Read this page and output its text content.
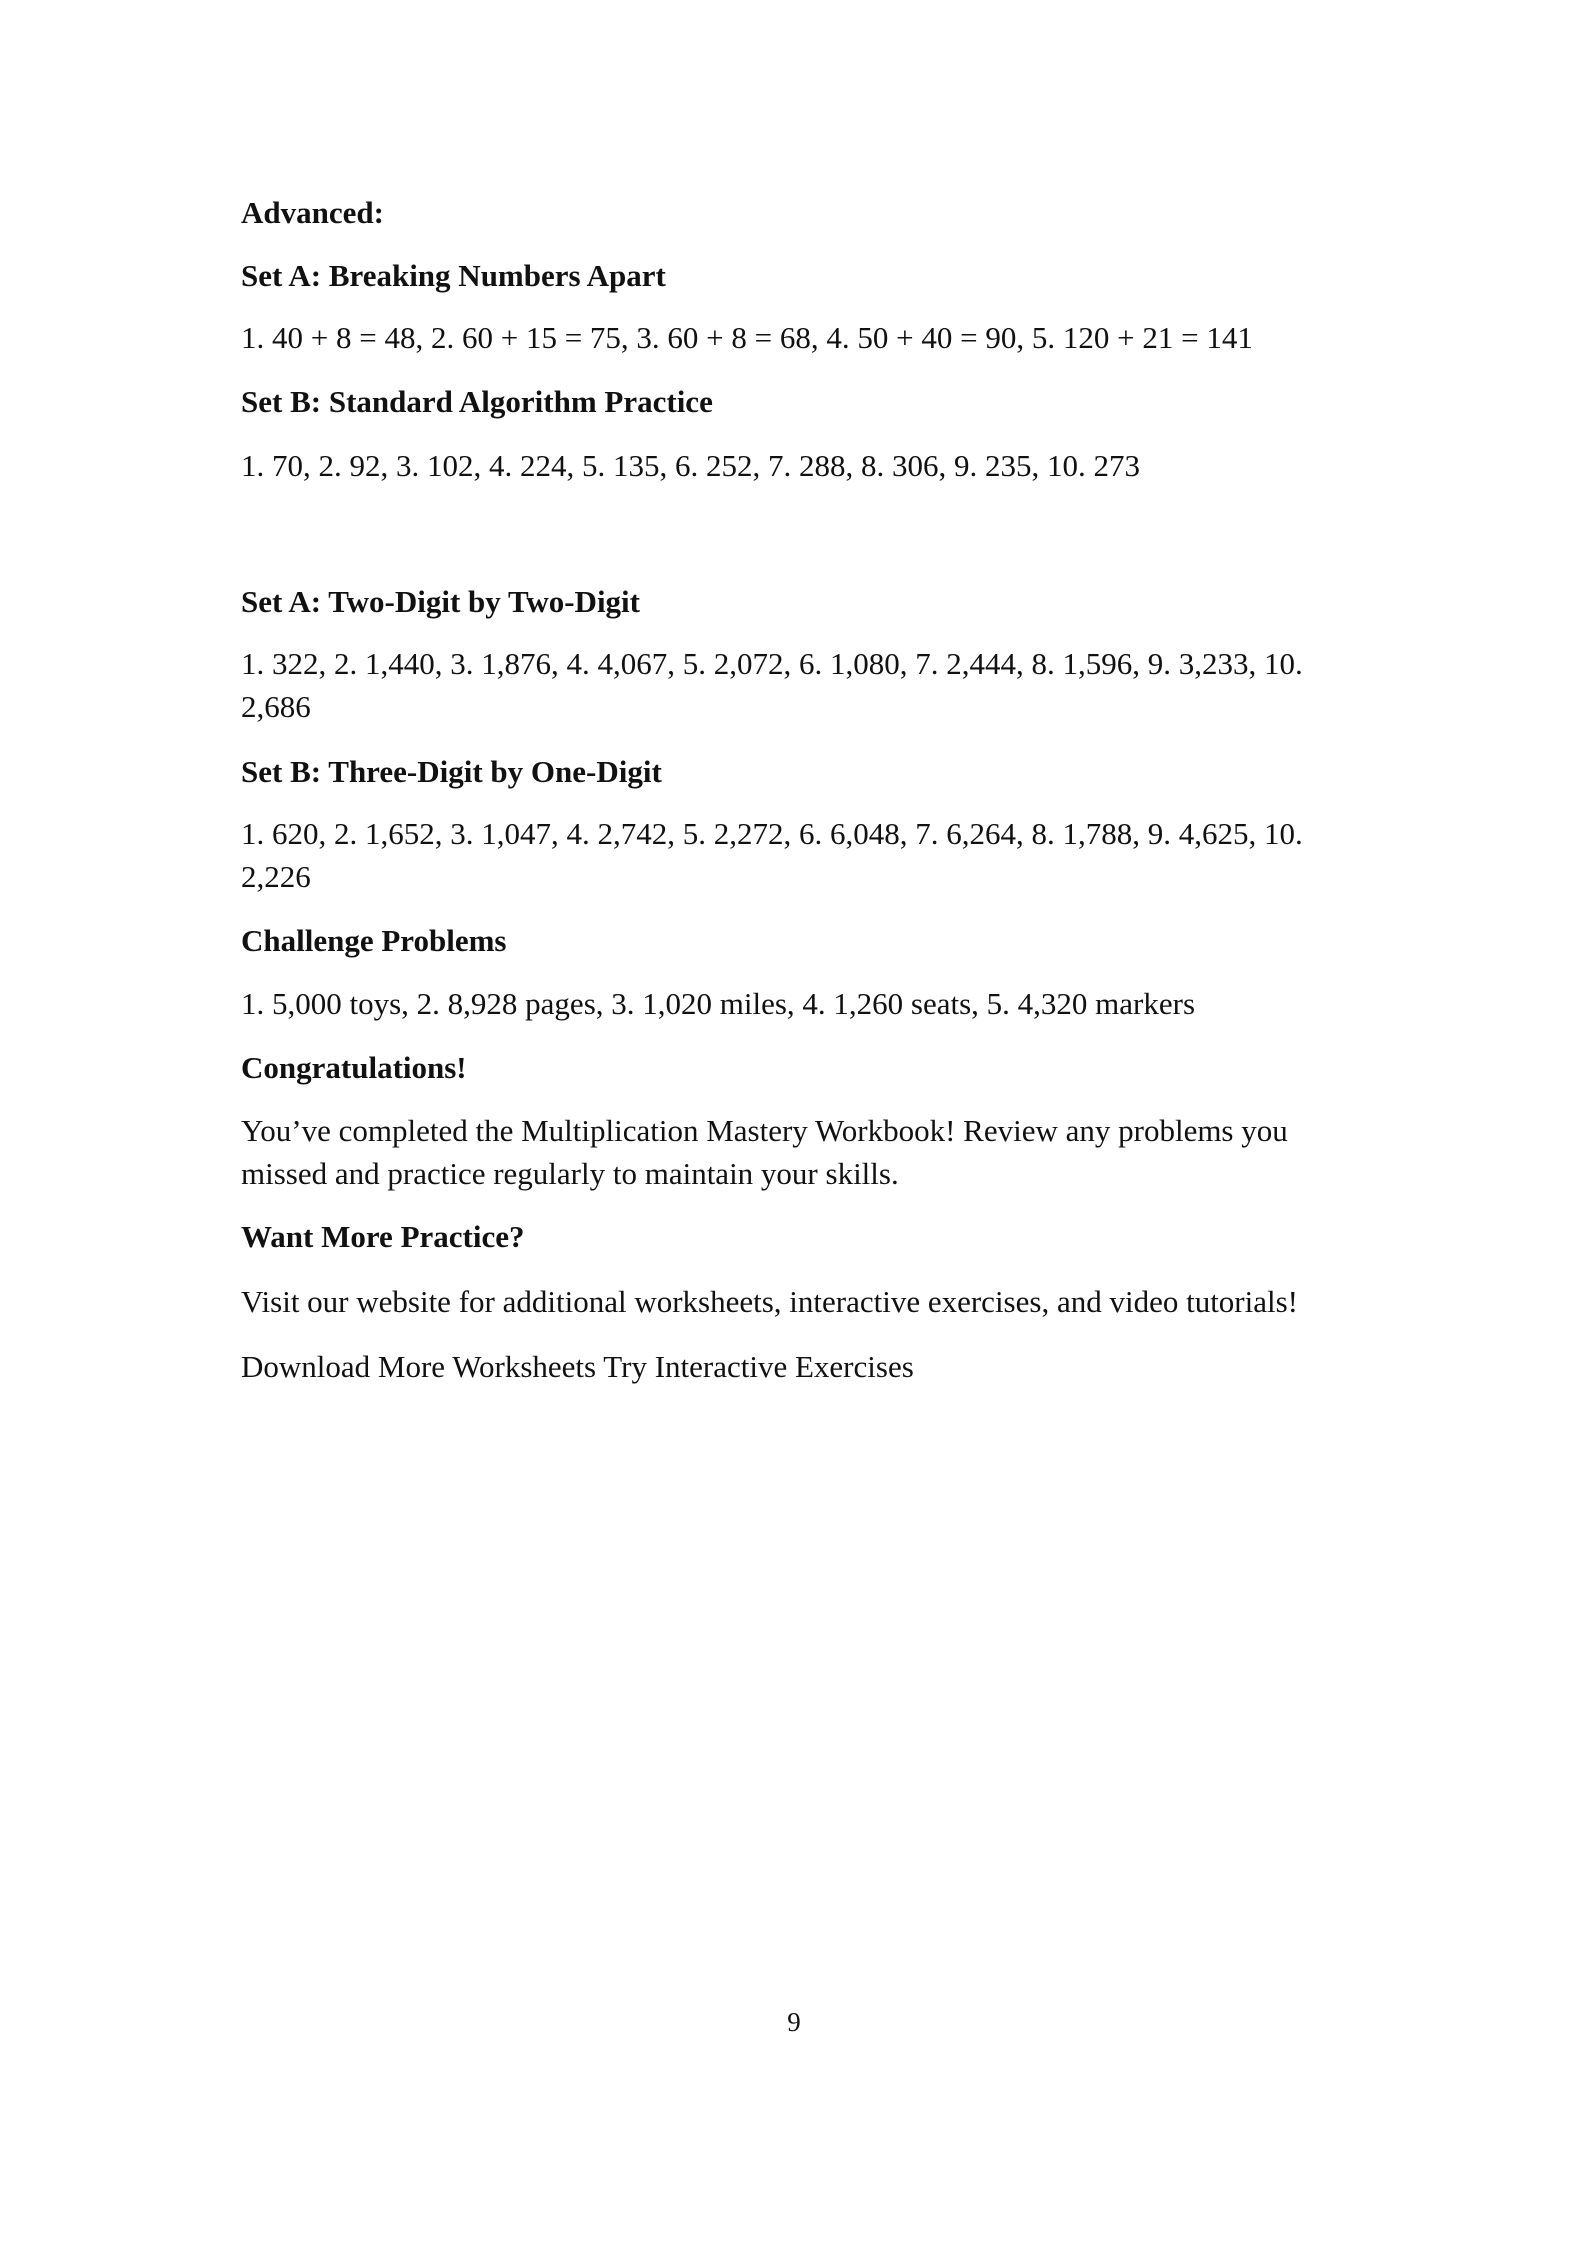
Advanced:

Set A: Breaking Numbers Apart

1. 40 + 8 = 48, 2. 60 + 15 = 75, 3. 60 + 8 = 68, 4. 50 + 40 = 90, 5. 120 + 21 = 141

Set B: Standard Algorithm Practice

1. 70, 2. 92, 3. 102, 4. 224, 5. 135, 6. 252, 7. 288, 8. 306, 9. 235, 10. 273

Set A: Two-Digit by Two-Digit

1. 322, 2. 1,440, 3. 1,876, 4. 4,067, 5. 2,072, 6. 1,080, 7. 2,444, 8. 1,596, 9. 3,233, 10. 2,686

Set B: Three-Digit by One-Digit

1. 620, 2. 1,652, 3. 1,047, 4. 2,742, 5. 2,272, 6. 6,048, 7. 6,264, 8. 1,788, 9. 4,625, 10. 2,226

Challenge Problems

1. 5,000 toys, 2. 8,928 pages, 3. 1,020 miles, 4. 1,260 seats, 5. 4,320 markers

Congratulations!

You’ve completed the Multiplication Mastery Workbook! Review any problems you missed and practice regularly to maintain your skills.

Want More Practice?

Visit our website for additional worksheets, interactive exercises, and video tutorials!

Download More Worksheets Try Interactive Exercises

9
